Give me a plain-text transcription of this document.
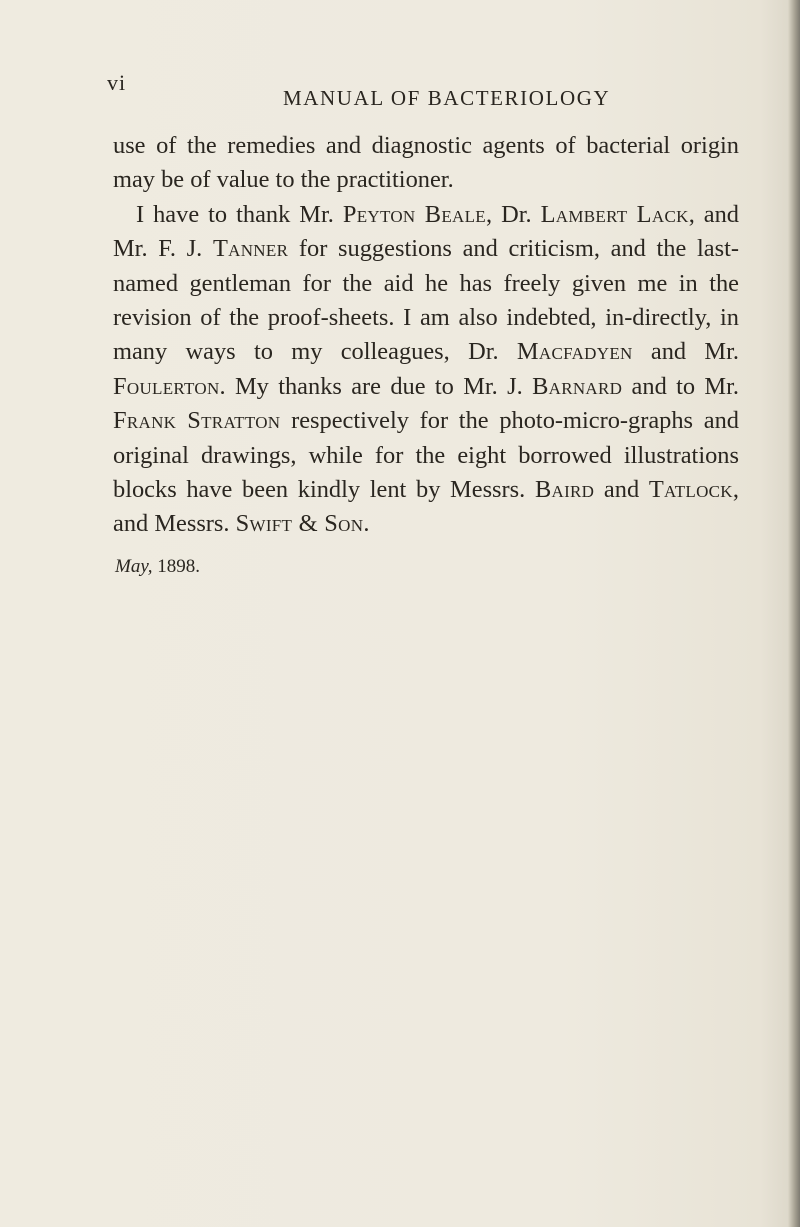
vi
MANUAL OF BACTERIOLOGY

use of the remedies and diagnostic agents of bacterial origin may be of value to the practitioner.

I have to thank Mr. Peyton Beale, Dr. Lambert Lack, and Mr. F. J. Tanner for suggestions and criticism, and the last-named gentleman for the aid he has freely given me in the revision of the proof-sheets. I am also indebted, in-directly, in many ways to my colleagues, Dr. Macfadyen and Mr. Foulerton. My thanks are due to Mr. J. Barnard and to Mr. Frank Stratton respectively for the photo-micro-graphs and original drawings, while for the eight borrowed illustrations blocks have been kindly lent by Messrs. Baird and Tatlock, and Messrs. Swift & Son.

May, 1898.
